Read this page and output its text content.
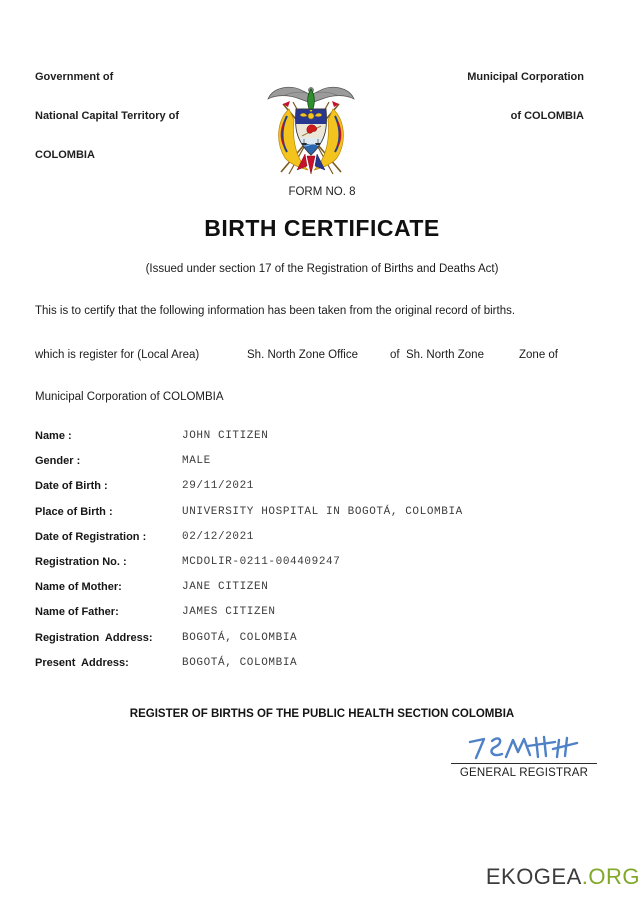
Government of

National Capital Territory of

COLOMBIA

Municipal Corporation

of COLOMBIA

FORM NO. 8
BIRTH CERTIFICATE
(Issued under section 17 of the Registration of Births and Deaths Act)
This is to certify that the following information has been taken from the original record of births.
which is register for (Local Area)	Sh. North Zone Office	of  Sh. North Zone	Zone of
Municipal Corporation of COLOMBIA
Name :	JOHN CITIZEN
Gender :	MALE
Date of Birth :	29/11/2021
Place of Birth :	UNIVERSITY HOSPITAL IN BOGOTÁ, COLOMBIA
Date of Registration :	02/12/2021
Registration No. :	MCDOLIR-0211-004409247
Name of Mother:	JANE CITIZEN
Name of Father:	JAMES CITIZEN
Registration  Address:	BOGOTÁ, COLOMBIA
Present  Address:	BOGOTÁ, COLOMBIA
REGISTER OF BIRTHS OF THE PUBLIC HEALTH SECTION COLOMBIA
GENERAL REGISTRAR
EKOGEA.ORG
